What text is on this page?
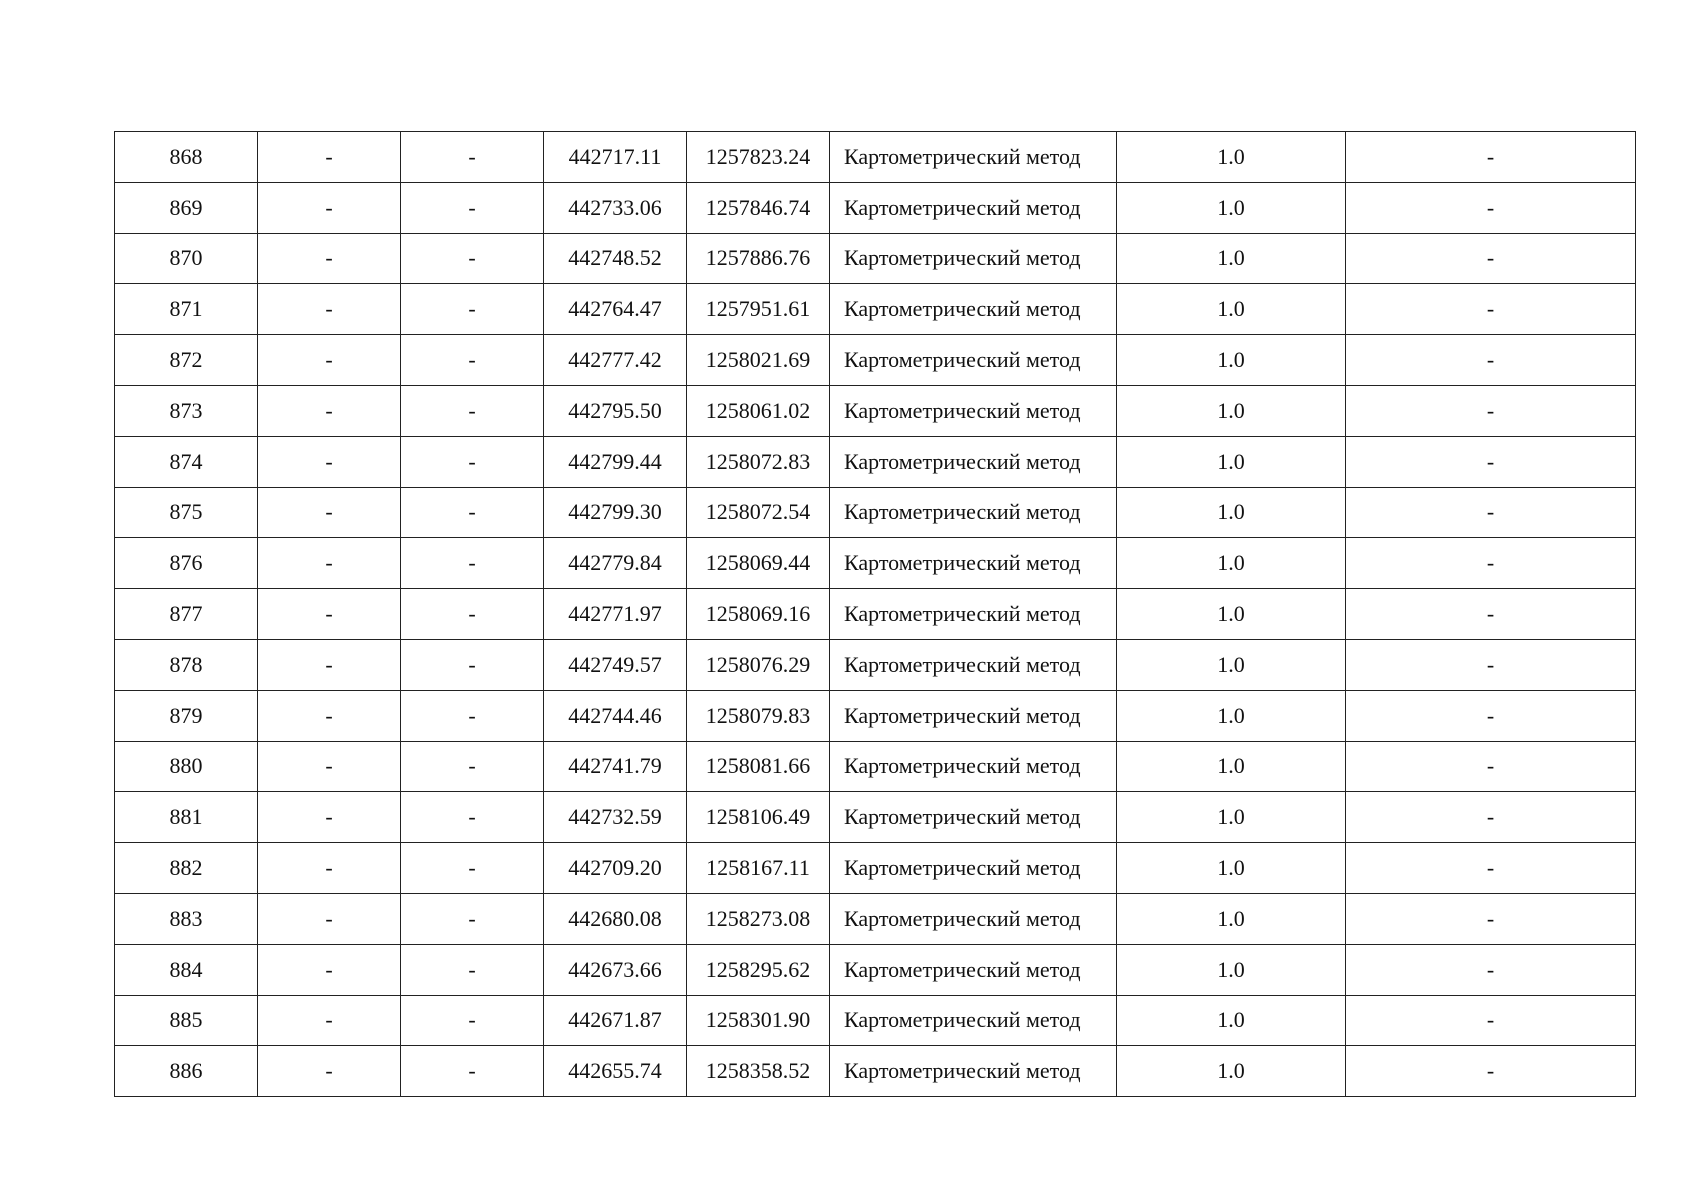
868	-	-	442717.11	1257823.24	Картометрический метод	1.0	-
869	-	-	442733.06	1257846.74	Картометрический метод	1.0	-
870	-	-	442748.52	1257886.76	Картометрический метод	1.0	-
871	-	-	442764.47	1257951.61	Картометрический метод	1.0	-
872	-	-	442777.42	1258021.69	Картометрический метод	1.0	-
873	-	-	442795.50	1258061.02	Картометрический метод	1.0	-
874	-	-	442799.44	1258072.83	Картометрический метод	1.0	-
875	-	-	442799.30	1258072.54	Картометрический метод	1.0	-
876	-	-	442779.84	1258069.44	Картометрический метод	1.0	-
877	-	-	442771.97	1258069.16	Картометрический метод	1.0	-
878	-	-	442749.57	1258076.29	Картометрический метод	1.0	-
879	-	-	442744.46	1258079.83	Картометрический метод	1.0	-
880	-	-	442741.79	1258081.66	Картометрический метод	1.0	-
881	-	-	442732.59	1258106.49	Картометрический метод	1.0	-
882	-	-	442709.20	1258167.11	Картометрический метод	1.0	-
883	-	-	442680.08	1258273.08	Картометрический метод	1.0	-
884	-	-	442673.66	1258295.62	Картометрический метод	1.0	-
885	-	-	442671.87	1258301.90	Картометрический метод	1.0	-
886	-	-	442655.74	1258358.52	Картометрический метод	1.0	-
